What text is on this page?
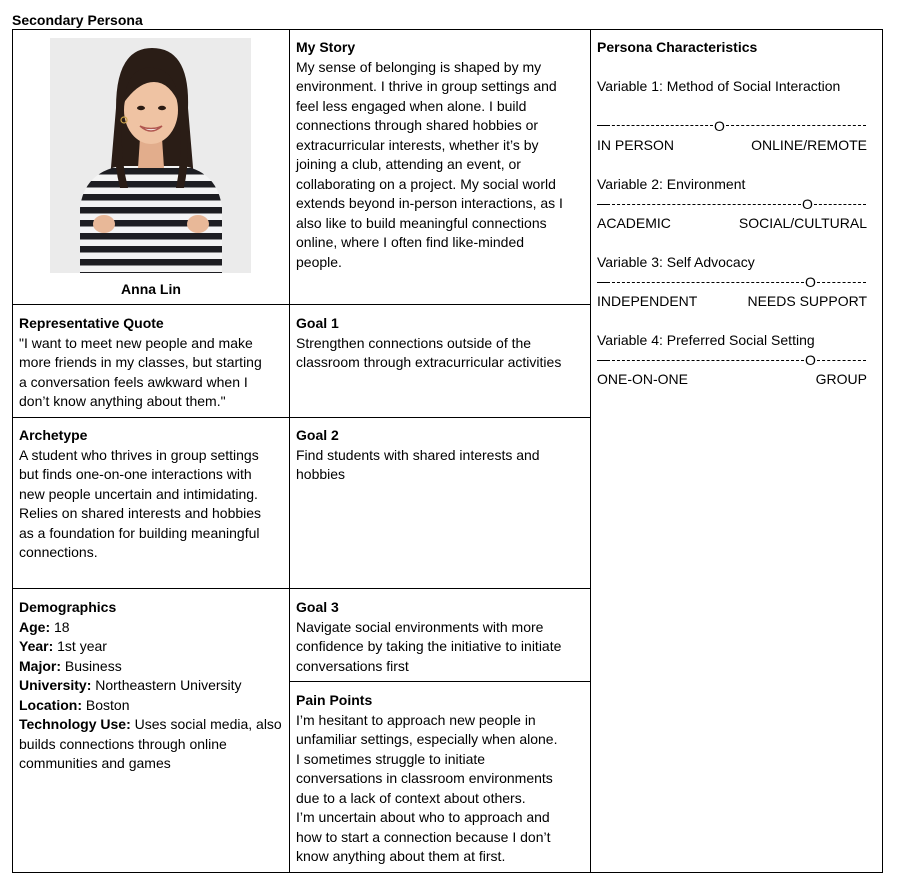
Secondary Persona
Anna Lin
My Story
My sense of belonging is shaped by my
environment. I thrive in group settings and
feel less engaged when alone. I build
connections through shared hobbies or
extracurricular interests, whether it’s by
joining a club, attending an event, or
collaborating on a project. My social world
extends beyond in-person interactions, as I
also like to build meaningful connections
online, where I often find like-minded
people.
Representative Quote
"I want to meet new people and make
more friends in my classes, but starting
a conversation feels awkward when I
don’t know anything about them."
Goal 1
Strengthen connections outside of the
classroom through extracurricular activities
Archetype
A student who thrives in group settings
but finds one-on-one interactions with
new people uncertain and intimidating.
Relies on shared interests and hobbies
as a foundation for building meaningful
connections.
Goal 2
Find students with shared interests and
hobbies
Demographics
Age: 18
Year: 1st year
Major: Business
University: Northeastern University
Location: Boston
Technology Use: Uses social media, also
builds connections through online
communities and games
Goal 3
Navigate social environments with more
confidence by taking the initiative to initiate
conversations first
Pain Points
I’m hesitant to approach new people in
unfamiliar settings, especially when alone.
I sometimes struggle to initiate
conversations in classroom environments
due to a lack of context about others.
I’m uncertain about who to approach and
how to start a connection because I don’t
know anything about them at first.
Persona Characteristics
Variable 1: Method of Social Interaction
O
IN PERSON	ONLINE/REMOTE
Variable 2: Environment
O
ACADEMIC	SOCIAL/CULTURAL
Variable 3: Self Advocacy
O
INDEPENDENT	NEEDS SUPPORT
Variable 4: Preferred Social Setting
O
ONE-ON-ONE	GROUP
